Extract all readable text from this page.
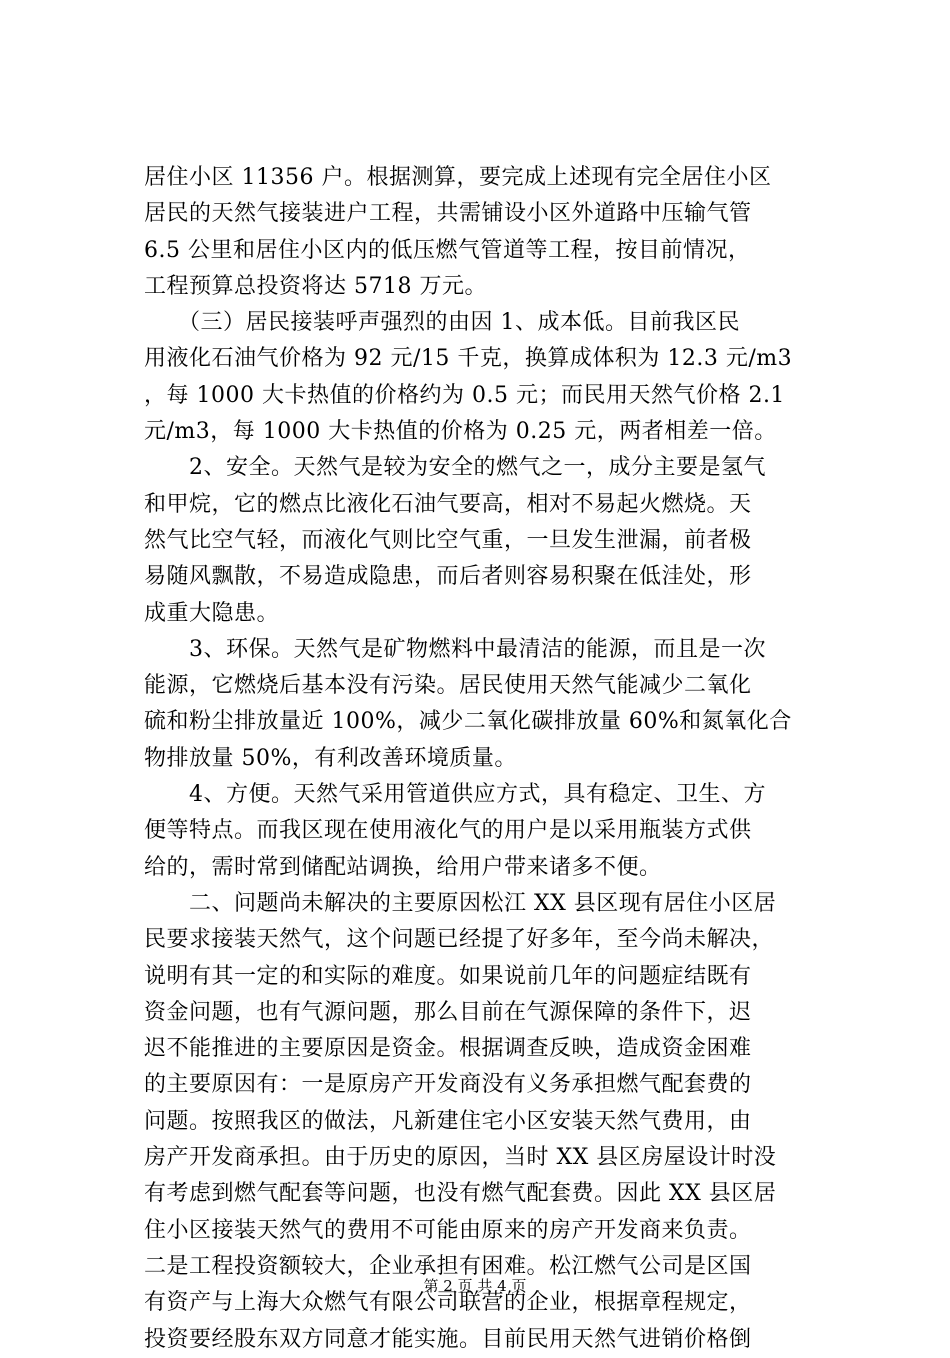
居住小区 11356 户。根据测算，要完成上述现有完全居住小区
居民的天然气接装进户工程，共需铺设小区外道路中压输气管
6.5 公里和居住小区内的低压燃气管道等工程，按目前情况，
工程预算总投资将达 5718 万元。
　　（三）居民接装呼声强烈的由因 1、成本低。目前我区民
用液化石油气价格为 92 元/15 千克，换算成体积为 12.3 元/m3
，每 1000 大卡热值的价格约为 0.5 元；而民用天然气价格 2.1
元/m3，每 1000 大卡热值的价格为 0.25 元，两者相差一倍。
　　2、安全。天然气是较为安全的燃气之一，成分主要是氢气
和甲烷，它的燃点比液化石油气要高，相对不易起火燃烧。天
然气比空气轻，而液化气则比空气重，一旦发生泄漏，前者极
易随风飘散，不易造成隐患，而后者则容易积聚在低洼处，形
成重大隐患。
　　3、环保。天然气是矿物燃料中最清洁的能源，而且是一次
能源，它燃烧后基本没有污染。居民使用天然气能减少二氧化
硫和粉尘排放量近 100%，减少二氧化碳排放量 60%和氮氧化合
物排放量 50%，有利改善环境质量。
　　4、方便。天然气采用管道供应方式，具有稳定、卫生、方
便等特点。而我区现在使用液化气的用户是以采用瓶装方式供
给的，需时常到储配站调换，给用户带来诸多不便。
　　二、问题尚未解决的主要原因松江 XX 县区现有居住小区居
民要求接装天然气，这个问题已经提了好多年，至今尚未解决，
说明有其一定的和实际的难度。如果说前几年的问题症结既有
资金问题，也有气源问题，那么目前在气源保障的条件下，迟
迟不能推进的主要原因是资金。根据调查反映，造成资金困难
的主要原因有：一是原房产开发商没有义务承担燃气配套费的
问题。按照我区的做法，凡新建住宅小区安装天然气费用，由
房产开发商承担。由于历史的原因，当时 XX 县区房屋设计时没
有考虑到燃气配套等问题，也没有燃气配套费。因此 XX 县区居
住小区接装天然气的费用不可能由原来的房产开发商来负责。
二是工程投资额较大，企业承担有困难。松江燃气公司是区国
有资产与上海大众燃气有限公司联营的企业，根据章程规定，
投资要经股东双方同意才能实施。目前民用天然气进销价格倒
第 2 页 共 4 页
